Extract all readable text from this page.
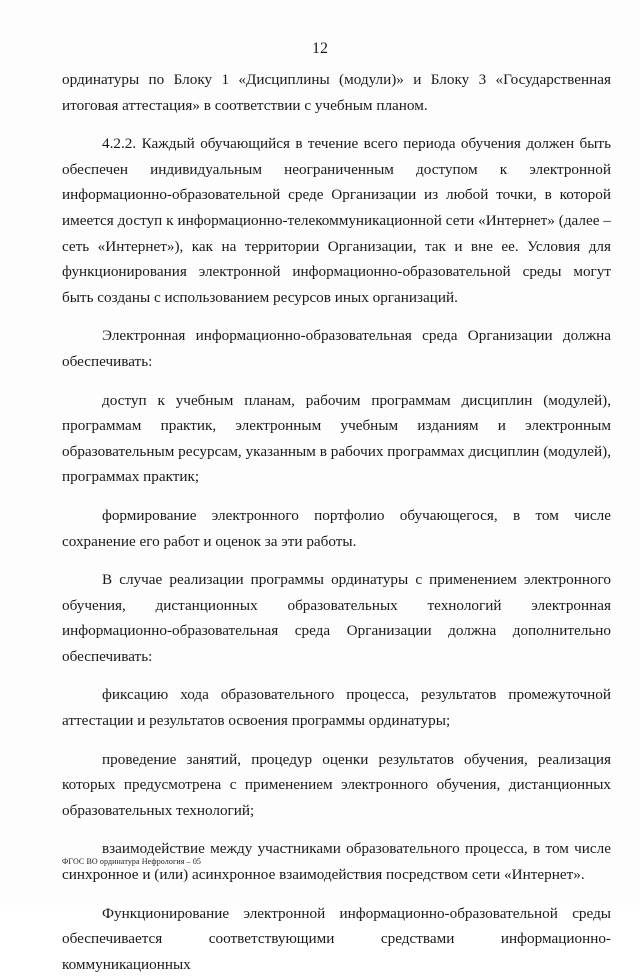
12

ординатуры по Блоку 1 «Дисциплины (модули)» и Блоку 3 «Государственная итоговая аттестация» в соответствии с учебным планом.

4.2.2. Каждый обучающийся в течение всего периода обучения должен быть обеспечен индивидуальным неограниченным доступом к электронной информационно-образовательной среде Организации из любой точки, в которой имеется доступ к информационно-телекоммуникационной сети «Интернет» (далее – сеть «Интернет»), как на территории Организации, так и вне ее. Условия для функционирования электронной информационно-образовательной среды могут быть созданы с использованием ресурсов иных организаций.

Электронная информационно-образовательная среда Организации должна обеспечивать:

доступ к учебным планам, рабочим программам дисциплин (модулей), программам практик, электронным учебным изданиям и электронным образовательным ресурсам, указанным в рабочих программах дисциплин (модулей), программах практик;

формирование электронного портфолио обучающегося, в том числе сохранение его работ и оценок за эти работы.

В случае реализации программы ординатуры с применением электронного обучения, дистанционных образовательных технологий электронная информационно-образовательная среда Организации должна дополнительно обеспечивать:

фиксацию хода образовательного процесса, результатов промежуточной аттестации и результатов освоения программы ординатуры;

проведение занятий, процедур оценки результатов обучения, реализация которых предусмотрена с применением электронного обучения, дистанционных образовательных технологий;

взаимодействие между участниками образовательного процесса, в том числе синхронное и (или) асинхронное взаимодействия посредством сети «Интернет».

Функционирование электронной информационно-образовательной среды обеспечивается соответствующими средствами информационно-коммуникационных

ФГОС ВО ординатура Нефрология – 05
